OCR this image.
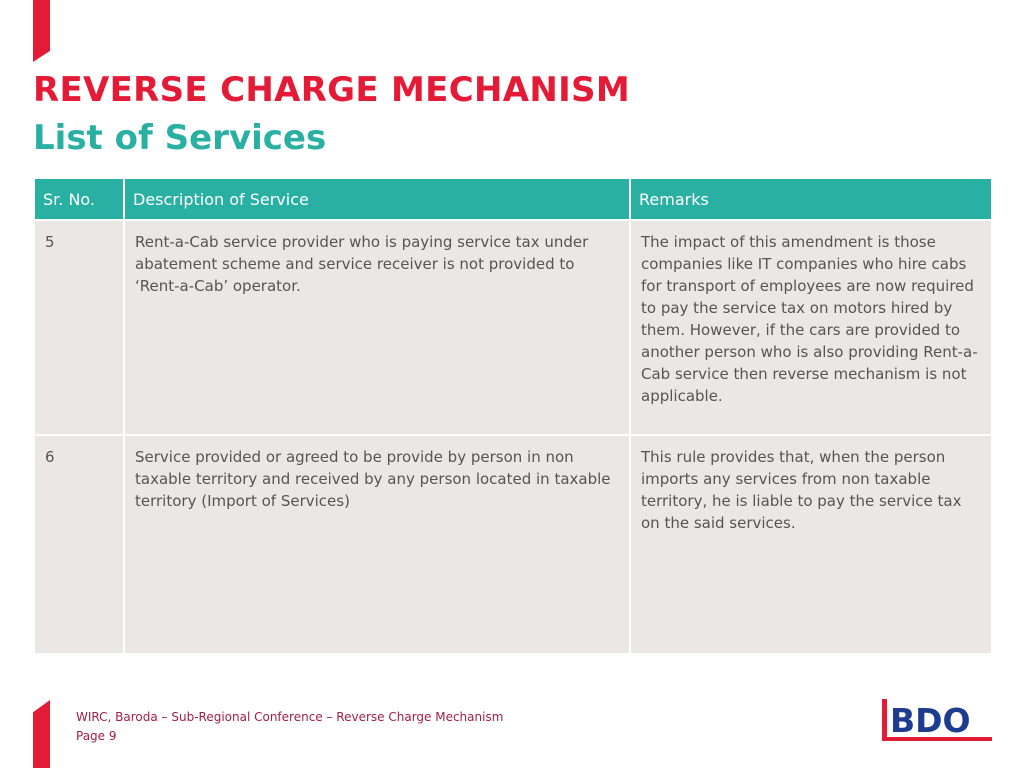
REVERSE CHARGE MECHANISM
List of Services
Sr. No.	Description of Service	Remarks
5	Rent-a-Cab service provider who is paying service tax under abatement scheme and service receiver is not provided to ‘Rent-a-Cab’ operator.	The impact of this amendment is those companies like IT companies who hire cabs for transport of employees are now required to pay the service tax on motors hired by them. However, if the cars are provided to another person who is also providing Rent-a-Cab service then reverse mechanism is not applicable.
6	Service provided or agreed to be provide by person in non taxable territory and received by any person located in taxable territory (Import of Services)	This rule provides that, when the person imports any services from non taxable territory, he is liable to pay the service tax on the said services.
WIRC, Baroda – Sub-Regional Conference – Reverse Charge Mechanism
Page 9	BDO
